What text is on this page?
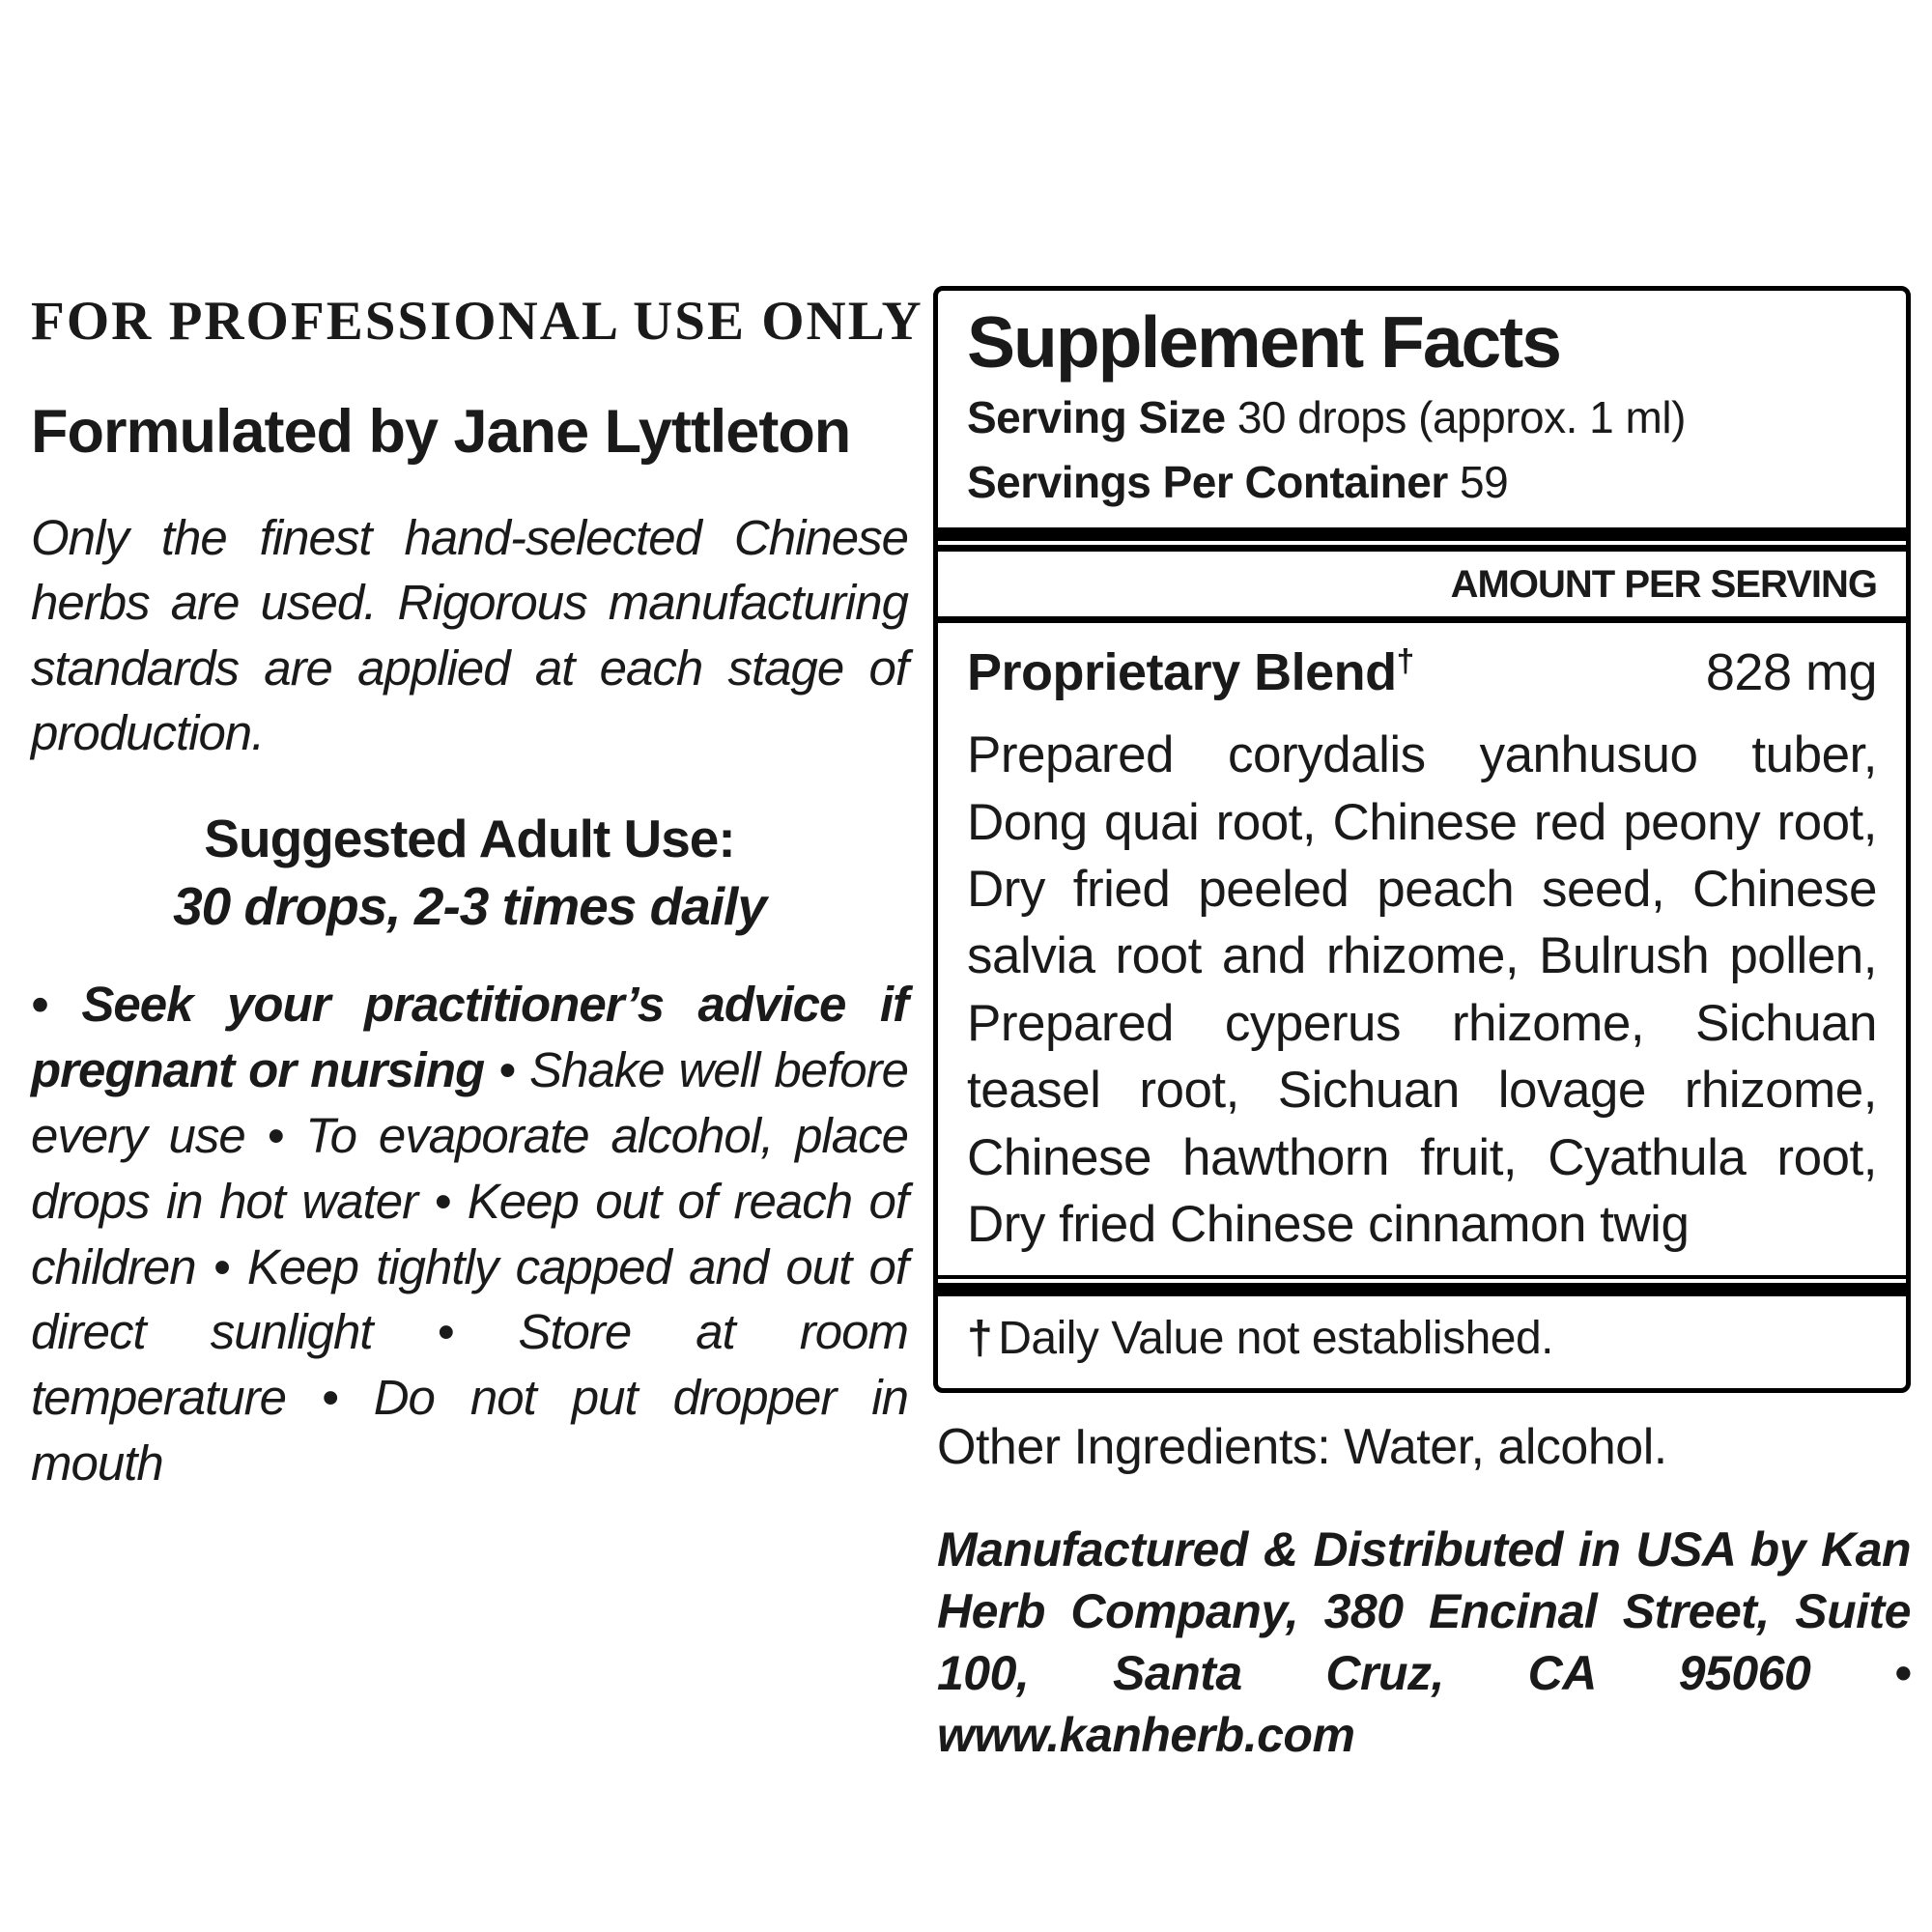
FOR PROFESSIONAL USE ONLY
Formulated by Jane Lyttleton

Only the finest hand-selected Chinese herbs are used. Rigorous manufacturing standards are applied at each stage of production.

Suggested Adult Use:
30 drops, 2-3 times daily

• Seek your practitioner’s advice if pregnant or nursing • Shake well before every use • To evaporate alcohol, place drops in hot water • Keep out of reach of children • Keep tightly capped and out of direct sunlight • Store at room temperature • Do not put dropper in mouth

Supplement Facts
Serving Size 30 drops (approx. 1 ml)
Servings Per Container 59
AMOUNT PER SERVING
Proprietary Blend†	828 mg

Prepared corydalis yanhusuo tuber, Dong quai root, Chinese red peony root, Dry fried peeled peach seed, Chinese salvia root and rhizome, Bulrush pollen, Prepared cyperus rhizome, Sichuan teasel root, Sichuan lovage rhizome, Chinese hawthorn fruit, Cyathula root, Dry fried Chinese cinnamon twig

† Daily Value not established.

Other Ingredients: Water, alcohol.

Manufactured & Distributed in USA by Kan Herb Company, 380 Encinal Street, Suite 100, Santa Cruz, CA 95060 • www.kanherb.com
